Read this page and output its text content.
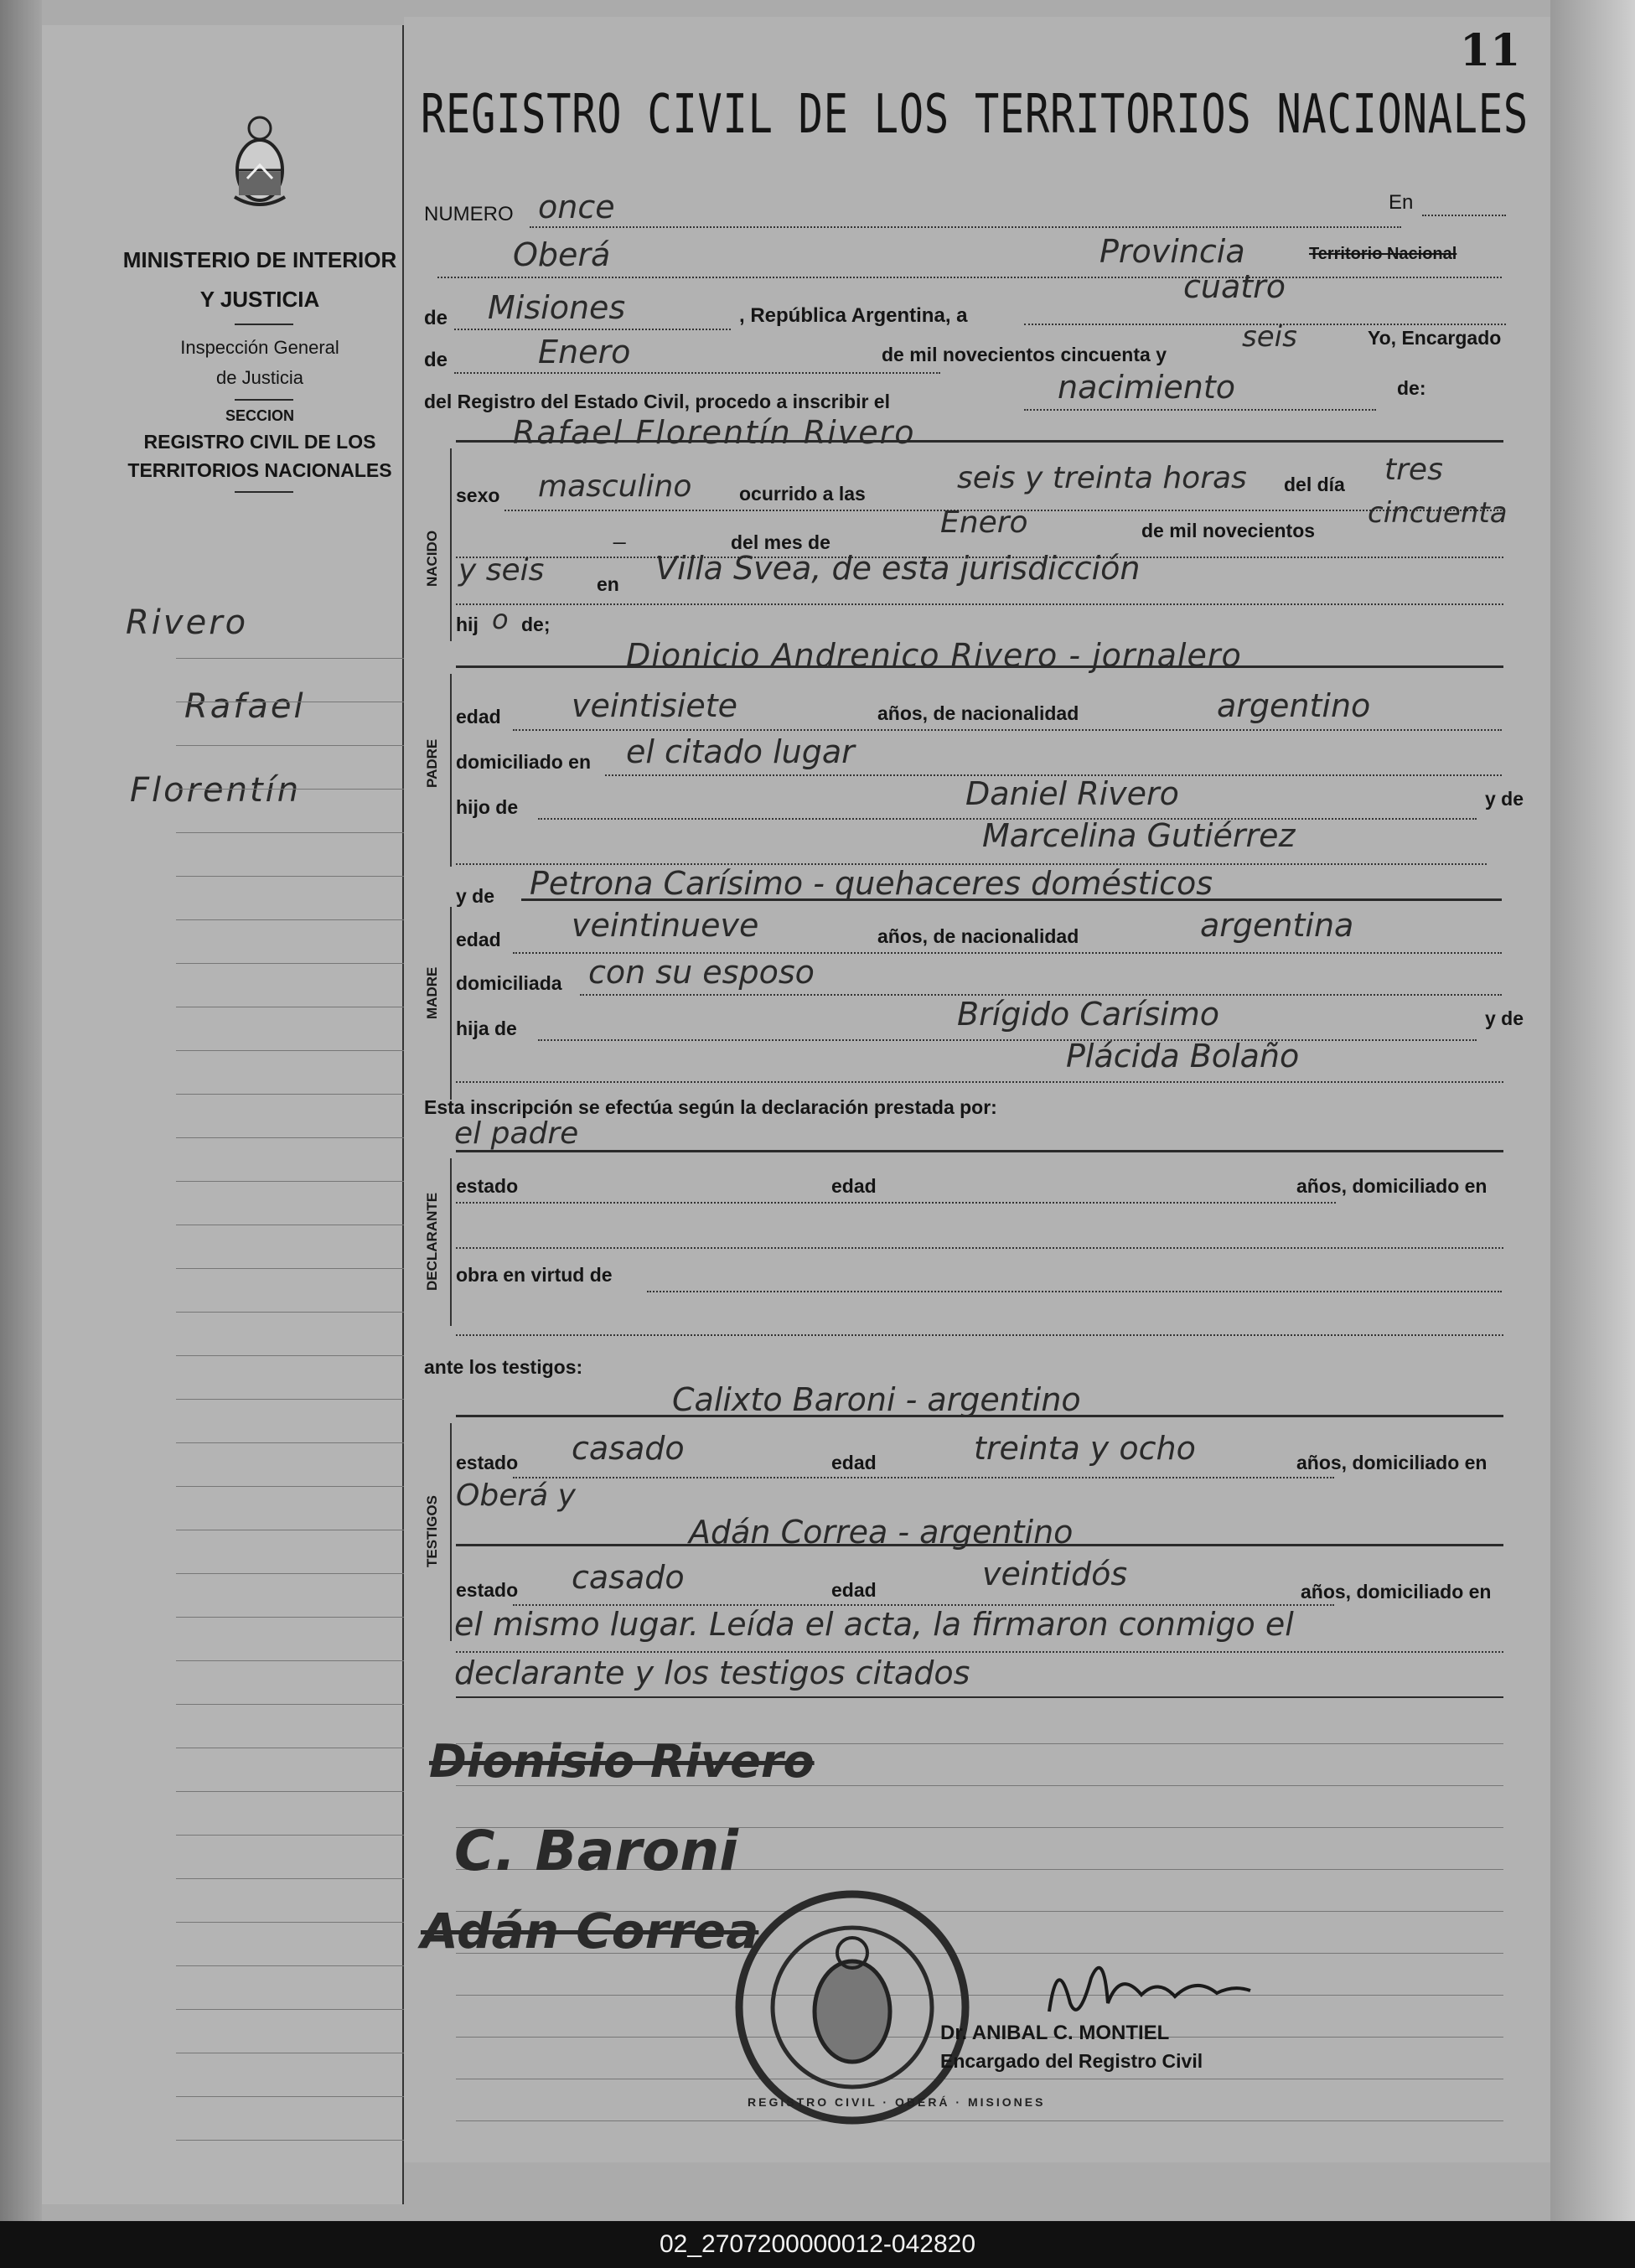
MINISTERIO DE INTERIOR
Y JUSTICIA
Inspección General
de Justicia
SECCION
REGISTRO CIVIL DE LOS
TERRITORIOS NACIONALES
Rivero
Rafael
Florentín
11
REGISTRO CIVIL DE LOS TERRITORIOS NACIONALES
NUMERO once	En
Oberá	Provincia	Territorio Nacional
de Misiones	, República Argentina, a
cuatro
de	Enero	de mil novecientos cincuenta y
seis	Yo, Encargado
del Registro del Estado Civil, procedo a inscribir el	nacimiento	de:
Rafael Florentín Rivero
NACIDO
sexo masculino ocurrido a las	seis y treinta horas del día tres
_	del mes de
Enero	de mil novecientos
cincuenta
y seis	en Villa Svea, de esta jurisdicción
hij o de;
Dionicio Andrenico Rivero - jornalero
PADRE
edad veintisiete	años, de nacionalidad	argentino
domiciliado en el citado lugar
hijo de	Daniel Rivero	y de
Marcelina Gutiérrez
y de Petrona Carísimo - quehaceres domésticos
MADRE
edad veintinueve	años, de nacionalidad	argentina
domiciliada con su esposo
hija de	Brígido Carísimo	y de
Plácida Bolaño
Esta inscripción se efectúa según la declaración prestada por:
el padre
DECLARANTE
estado	edad	años, domiciliado en
obra en virtud de
ante los testigos:
Calixto Baroni - argentino
TESTIGOS
estado casado	edad	treinta y ocho	años, domiciliado en
Oberá y
Adán Correa - argentino
estado casado	edad	veintidós	años, domiciliado en
el mismo lugar. Leída el acta, la firmaron conmigo el
declarante y los testigos citados
Dionisio Rivero
C. Baroni
Adán Correa
REGISTRO CIVIL · OBERÁ · MISIONES
Dr. ANIBAL C. MONTIEL
Encargado del Registro Civil
02_2707200000012-042820
